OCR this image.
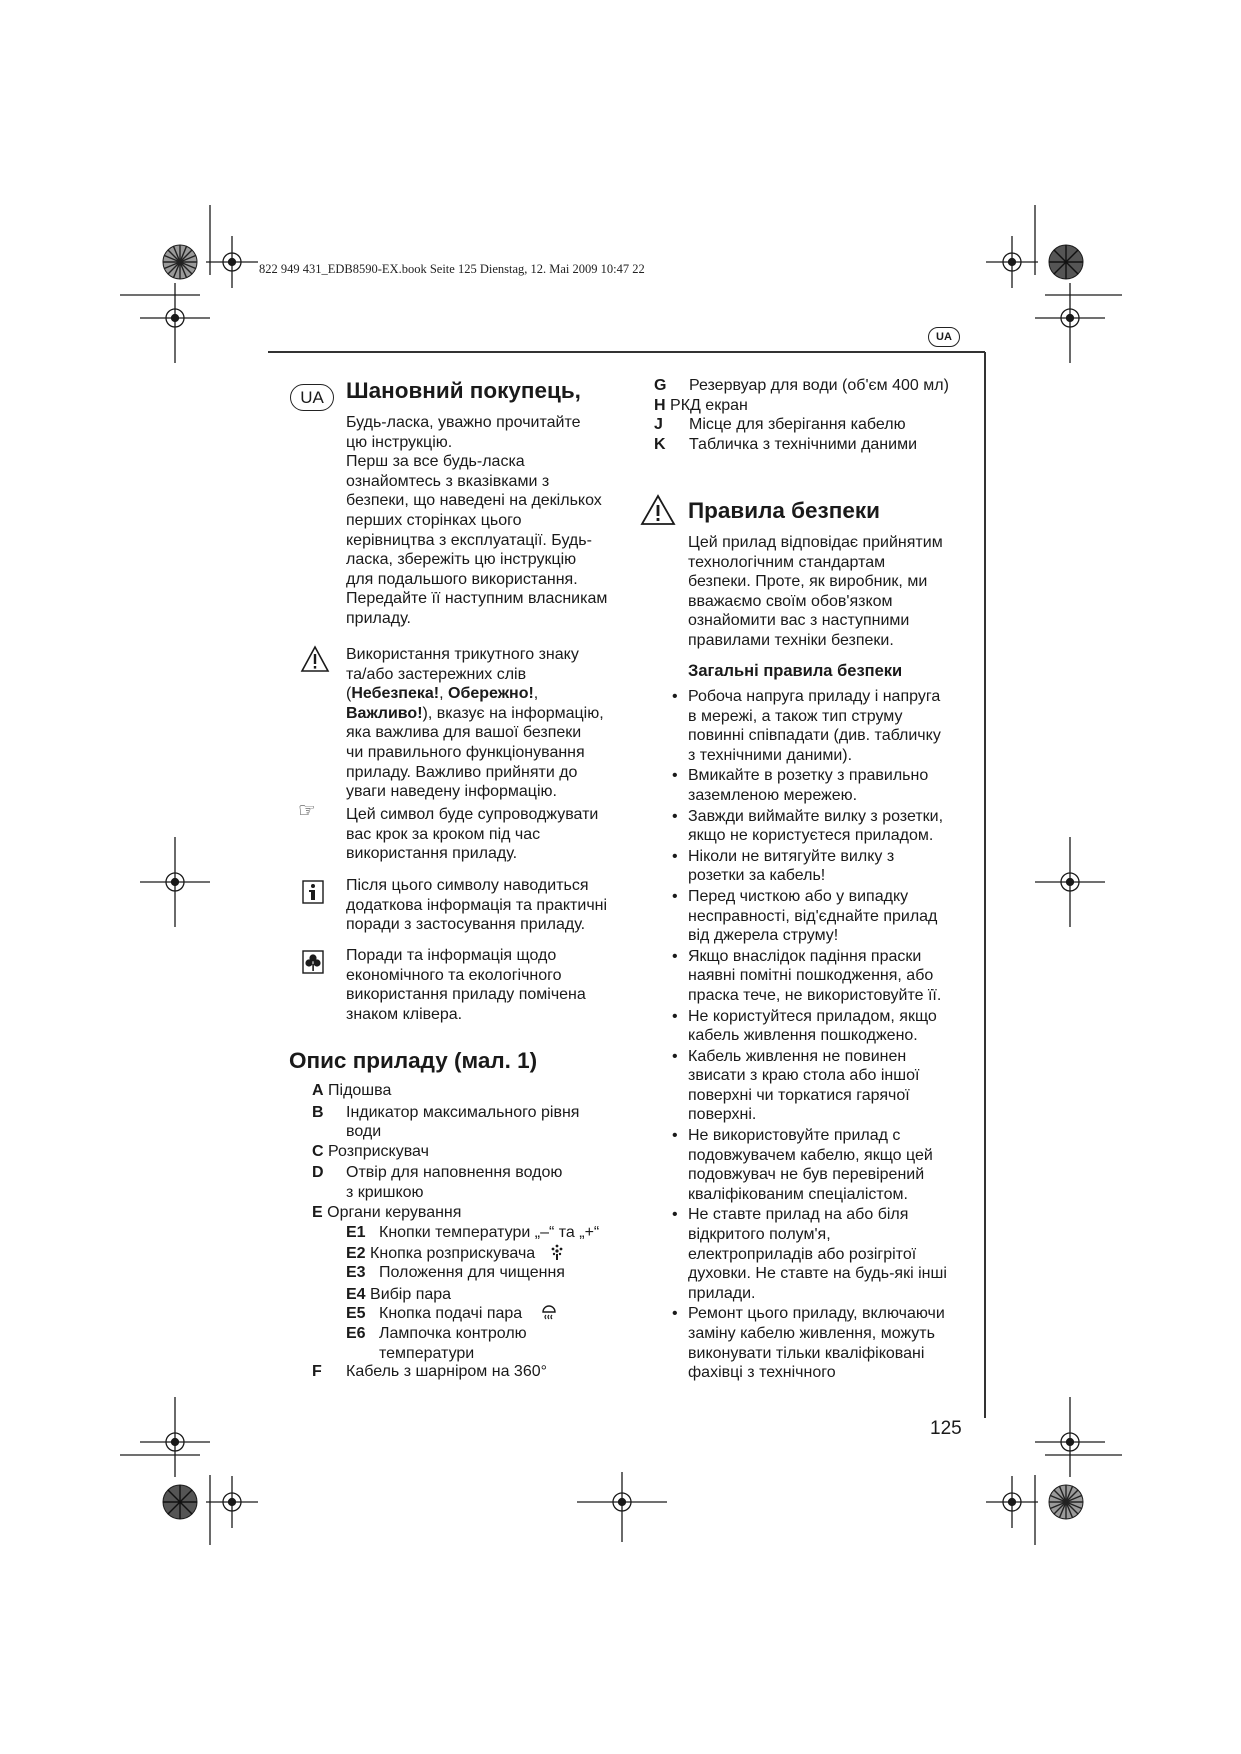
822 949 431_EDB8590-EX.book Seite 125 Dienstag, 12. Mai 2009 10:47 22
UA
UA Шановний покупець,
Будь-ласка, уважно прочитайте
цю інструкцію.
Перш за все будь-ласка
ознайомтесь з вказівками з
безпеки, що наведені на декількох
перших сторінках цього
керівництва з експлуатації. Будь-
ласка, збережіть цю інструкцію
для подальшого використання.
Передайте її наступним власникам
приладу.
Використання трикутного знаку
та/або застережних слів
(Небезпека!, Обережно!,
Важливо!), вказує на інформацію,
яка важлива для вашої безпеки
чи правильного функціонування
приладу. Важливо прийняти до
уваги наведену інформацію.
☞ Цей символ буде супроводжувати
вас крок за кроком під час
використання приладу.
Після цього символу наводиться
додаткова інформація та практичні
поради з застосування приладу.
Поради та інформація щодо
економічного та екологічного
використання приладу помічена
знаком клівера.
Опис приладу (мал. 1)
A Підошва
B Індикатор максимального рівня
води
C Розприскувач
D Отвір для наповнення водою
з кришкою
E Органи керування
E1 Кнопки температури „–“ та „+“
E2 Кнопка розприскувача
E3 Положення для чищення
E4 Вибір пара
E5 Кнопка подачі пара
E6 Лампочка контролю
температури
F Кабель з шарніром на 360°
G Резервуар для води (об'єм 400 мл)
H РКД екран
J Місце для зберігання кабелю
K Табличка з технічними даними
Правила безпеки
Цей прилад відповідає прийнятим
технологічним стандартам
безпеки. Проте, як виробник, ми
вважаємо своїм обов'язком
ознайомити вас з наступними
правилами техніки безпеки.
Загальні правила безпеки
• Робоча напруга приладу і напруга
в мережі, а також тип струму
повинні співпадати (див. табличку
з технічними даними).
• Вмикайте в розетку з правильно
заземленою мережею.
• Завжди виймайте вилку з розетки,
якщо не користуєтеся приладом.
• Ніколи не витягуйте вилку з
розетки за кабель!
• Перед чисткою або у випадку
несправності, від'єднайте прилад
від джерела струму!
• Якщо внаслідок падіння праски
наявні помітні пошкодження, або
праска тече, не використовуйте її.
• Не користуйтеся приладом, якщо
кабель живлення пошкоджено.
• Кабель живлення не повинен
звисати з краю стола або іншої
поверхні чи торкатися гарячої
поверхні.
• Не використовуйте прилад с
подовжувачем кабелю, якщо цей
подовжувач не був перевірений
кваліфікованим спеціалістом.
• Не ставте прилад на або біля
відкритого полум'я,
електроприладів або розігрітої
духовки. Не ставте на будь-які інші
прилади.
• Ремонт цього приладу, включаючи
заміну кабелю живлення, можуть
виконувати тільки кваліфіковані
фахівці з технічного
125
